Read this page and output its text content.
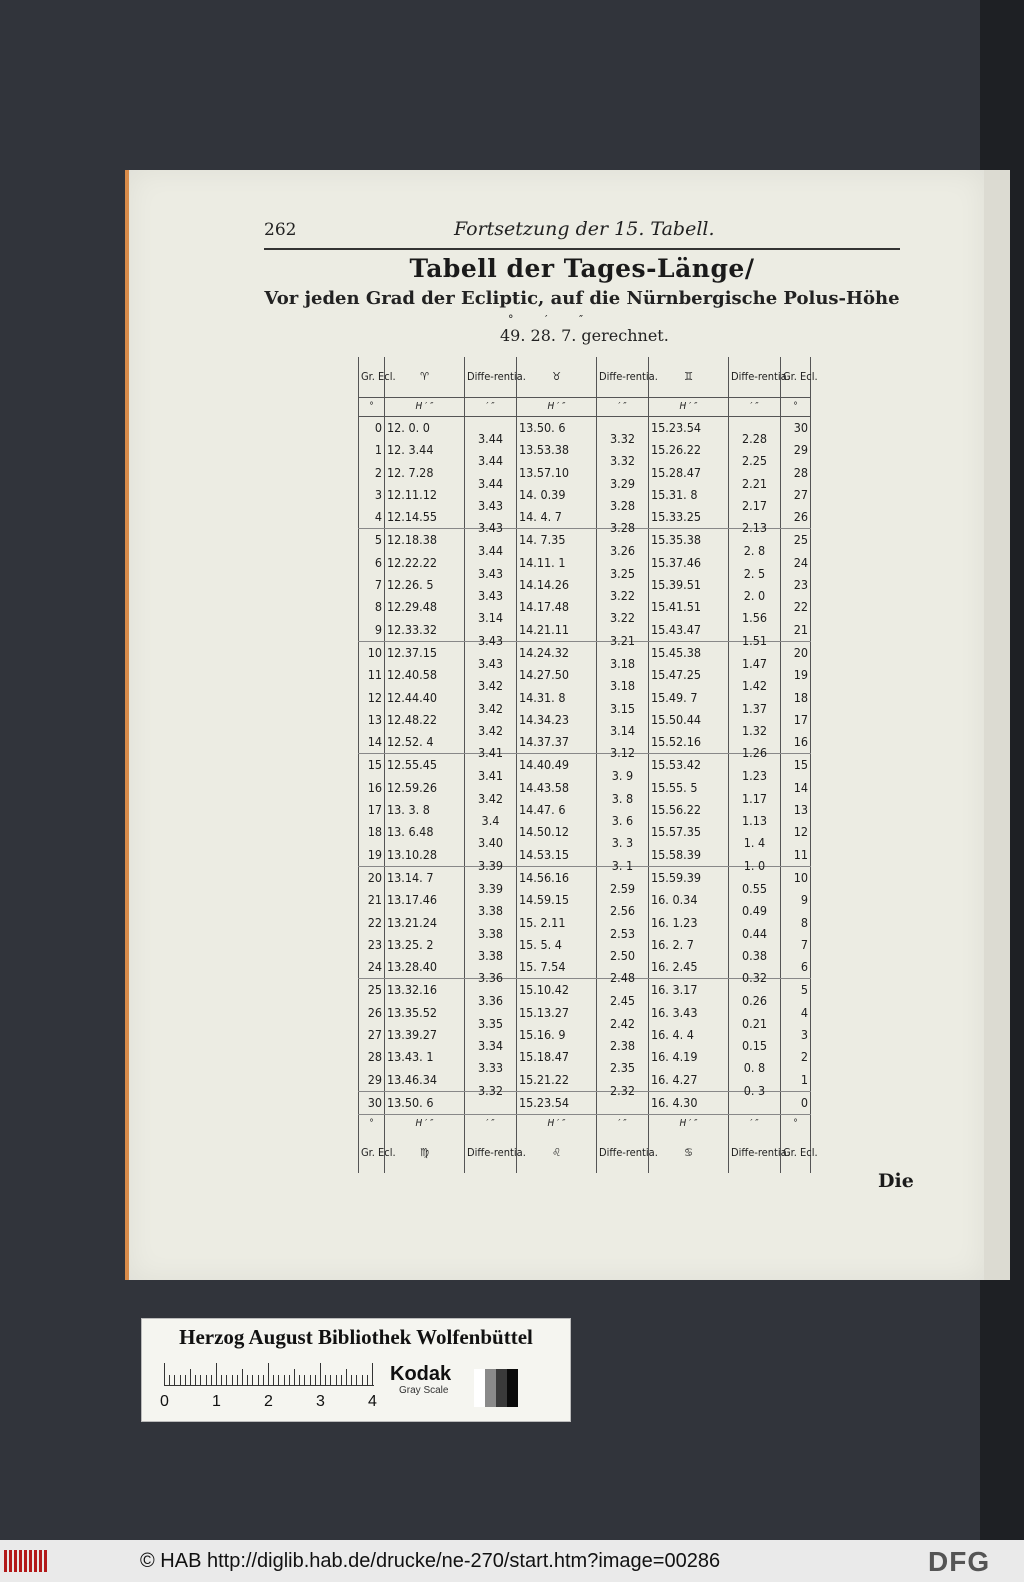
262	Fortsetzung der 15. Tabell.
Tabell der Tages-Länge/
Vor jeden Grad der Ecliptic, auf die Nürnbergische Polus-Höhe
° ′ ″
49. 28. 7. gerechnet.
Gr. Ecl.	♈	Diffe-rentia.	♉	Diffe-rentia.	♊	Diffe-rentia.	Gr. Ecl.
°	H ′ ″	′ ″	H ′ ″	′ ″	H ′ ″	′ ″	°
0	12. 0. 0	3.44	13.50. 6	3.32	15.23.54	2.28	30
1	12. 3.44	3.44	13.53.38	3.32	15.26.22	2.25	29
2	12. 7.28	3.44	13.57.10	3.29	15.28.47	2.21	28
3	12.11.12	3.43	14. 0.39	3.28	15.31. 8	2.17	27
4	12.14.55	3.43	14. 4. 7	3.28	15.33.25	2.13	26
5	12.18.38	3.44	14. 7.35	3.26	15.35.38	2. 8	25
6	12.22.22	3.43	14.11. 1	3.25	15.37.46	2. 5	24
7	12.26. 5	3.43	14.14.26	3.22	15.39.51	2. 0	23
8	12.29.48	3.14	14.17.48	3.22	15.41.51	1.56	22
9	12.33.32	3.43	14.21.11	3.21	15.43.47	1.51	21
10	12.37.15	3.43	14.24.32	3.18	15.45.38	1.47	20
11	12.40.58	3.42	14.27.50	3.18	15.47.25	1.42	19
12	12.44.40	3.42	14.31. 8	3.15	15.49. 7	1.37	18
13	12.48.22	3.42	14.34.23	3.14	15.50.44	1.32	17
14	12.52. 4	3.41	14.37.37	3.12	15.52.16	1.26	16
15	12.55.45	3.41	14.40.49	3. 9	15.53.42	1.23	15
16	12.59.26	3.42	14.43.58	3. 8	15.55. 5	1.17	14
17	13. 3. 8	3.4	14.47. 6	3. 6	15.56.22	1.13	13
18	13. 6.48	3.40	14.50.12	3. 3	15.57.35	1. 4	12
19	13.10.28	3.39	14.53.15	3. 1	15.58.39	1. 0	11
20	13.14. 7	3.39	14.56.16	2.59	15.59.39	0.55	10
21	13.17.46	3.38	14.59.15	2.56	16. 0.34	0.49	9
22	13.21.24	3.38	15. 2.11	2.53	16. 1.23	0.44	8
23	13.25. 2	3.38	15. 5. 4	2.50	16. 2. 7	0.38	7
24	13.28.40	3.36	15. 7.54	2.48	16. 2.45	0.32	6
25	13.32.16	3.36	15.10.42	2.45	16. 3.17	0.26	5
26	13.35.52	3.35	15.13.27	2.42	16. 3.43	0.21	4
27	13.39.27	3.34	15.16. 9	2.38	16. 4. 4	0.15	3
28	13.43. 1	3.33	15.18.47	2.35	16. 4.19	0. 8	2
29	13.46.34	3.32	15.21.22	2.32	16. 4.27	0. 3	1
30	13.50. 6		15.23.54		16. 4.30		0
°	H ′ ″	′ ″	H ′ ″	′ ″	H ′ ″	′ ″	°
Gr. Ecl.	♍	Diffe-rentia.	♌	Diffe-rentia.	♋	Diffe-rentia.	Gr. Ecl.
Die
Herzog August Bibliothek Wolfenbüttel
0	1	2	3	4
Kodak
Gray Scale
© HAB http://diglib.hab.de/drucke/ne-270/start.htm?image=00286	DFG
